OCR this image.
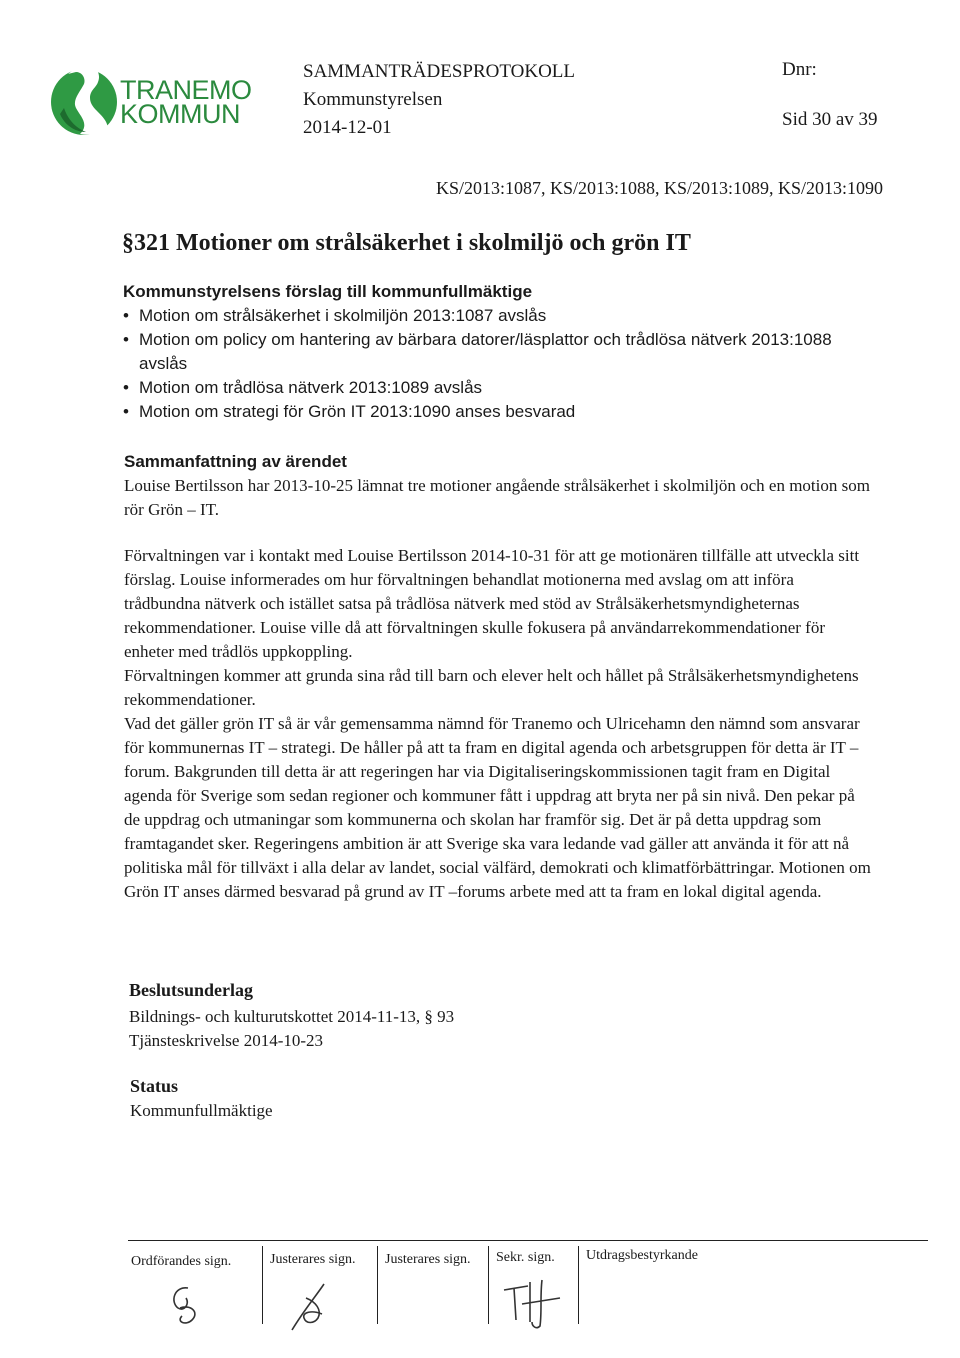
TRANEMO
KOMMUN
SAMMANTRÄDESPROTOKOLL
Kommunstyrelsen
2014-12-01
Dnr:
Sid 30 av 39
KS/2013:1087, KS/2013:1088, KS/2013:1089, KS/2013:1090
§321 Motioner om strålsäkerhet i skolmiljö och grön IT
Kommunstyrelsens förslag till kommunfullmäktige
• Motion om strålsäkerhet i skolmiljön 2013:1087 avslås
• Motion om policy om hantering av bärbara datorer/läsplattor och trådlösa nätverk 2013:1088 avslås
• Motion om trådlösa nätverk 2013:1089 avslås
• Motion om strategi för Grön IT 2013:1090 anses besvarad
Sammanfattning av ärendet

Louise Bertilsson har 2013-10-25 lämnat tre motioner angående strålsäkerhet i skolmiljön och en motion som rör Grön – IT.

Förvaltningen var i kontakt med Louise Bertilsson 2014-10-31 för att ge motionären tillfälle att utveckla sitt förslag. Louise informerades om hur förvaltningen behandlat motionerna med avslag om att införa trådbundna nätverk och istället satsa på trådlösa nätverk med stöd av Strålsäkerhetsmyndigheternas rekommendationer. Louise ville då att förvaltningen skulle fokusera på användarrekommendationer för enheter med trådlös uppkoppling.

Förvaltningen kommer att grunda sina råd till barn och elever helt och hållet på Strålsäkerhetsmyndighetens rekommendationer.

Vad det gäller grön IT så är vår gemensamma nämnd för Tranemo och Ulricehamn den nämnd som ansvarar för kommunernas IT – strategi. De håller på att ta fram en digital agenda och arbetsgruppen för detta är IT – forum. Bakgrunden till detta är att regeringen har via Digitaliseringskommissionen tagit fram en Digital agenda för Sverige som sedan regioner och kommuner fått i uppdrag att bryta ner på sin nivå. Den pekar på de uppdrag och utmaningar som kommunerna och skolan har framför sig. Det är på detta uppdrag som framtagandet sker. Regeringens ambition är att Sverige ska vara ledande vad gäller att använda it för att nå politiska mål för tillväxt i alla delar av landet, social välfärd, demokrati och klimatförbättringar. Motionen om Grön IT anses därmed besvarad på grund av IT –forums arbete med att ta fram en lokal digital agenda.

Beslutsunderlag
Bildnings- och kulturutskottet 2014-11-13, § 93
Tjänsteskrivelse 2014-10-23
Status
Kommunfullmäktige
Ordförandes sign.	Justerares sign. Justerares sign. Sekr. sign. Utdragsbestyrkande
